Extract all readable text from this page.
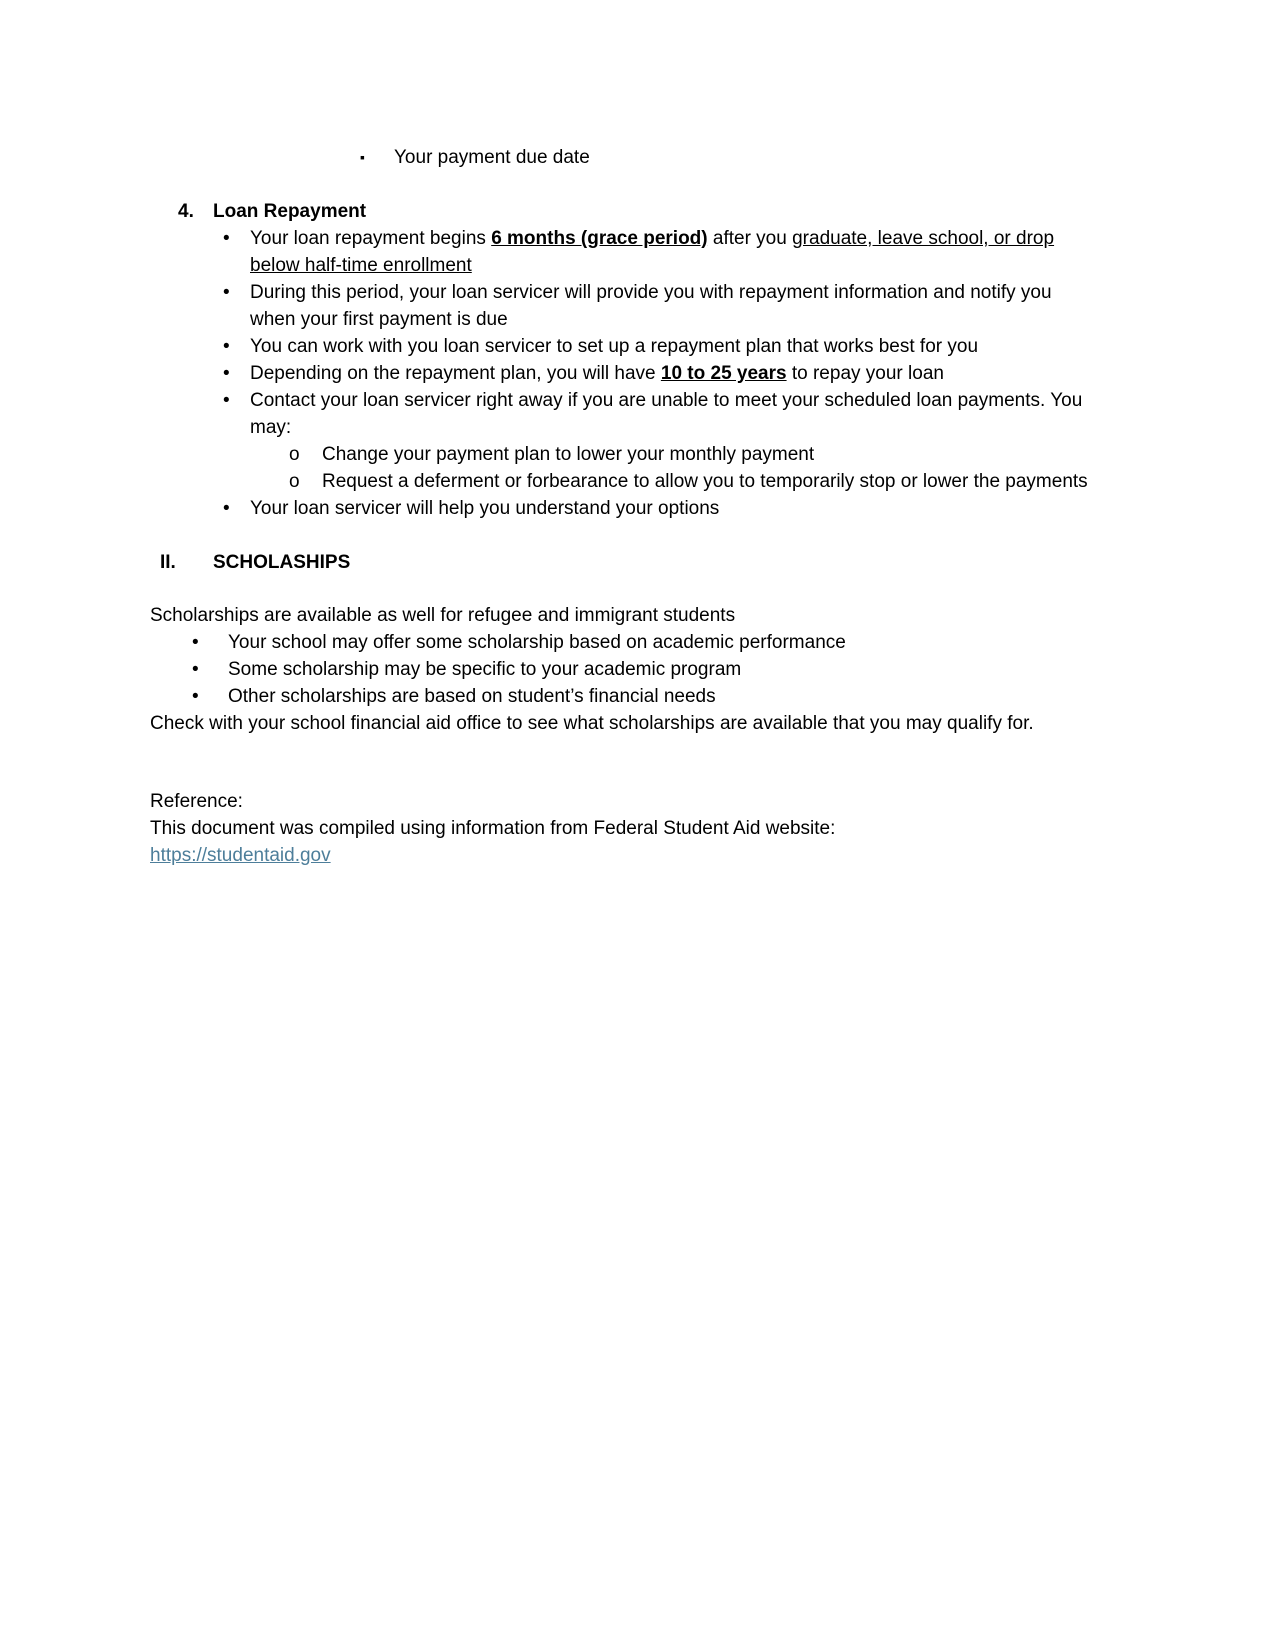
▪ Your payment due date
4. Loan Repayment
• Your loan repayment begins 6 months (grace period) after you graduate, leave school, or drop below half-time enrollment
• During this period, your loan servicer will provide you with repayment information and notify you when your first payment is due
• You can work with you loan servicer to set up a repayment plan that works best for you
• Depending on the repayment plan, you will have 10 to 25 years to repay your loan
• Contact your loan servicer right away if you are unable to meet your scheduled loan payments. You may:
o Change your payment plan to lower your monthly payment
o Request a deferment or forbearance to allow you to temporarily stop or lower the payments
• Your loan servicer will help you understand your options
II. SCHOLASHIPS
Scholarships are available as well for refugee and immigrant students
• Your school may offer some scholarship based on academic performance
• Some scholarship may be specific to your academic program
• Other scholarships are based on student’s financial needs
Check with your school financial aid office to see what scholarships are available that you may qualify for.
Reference:
This document was compiled using information from Federal Student Aid website:
https://studentaid.gov
